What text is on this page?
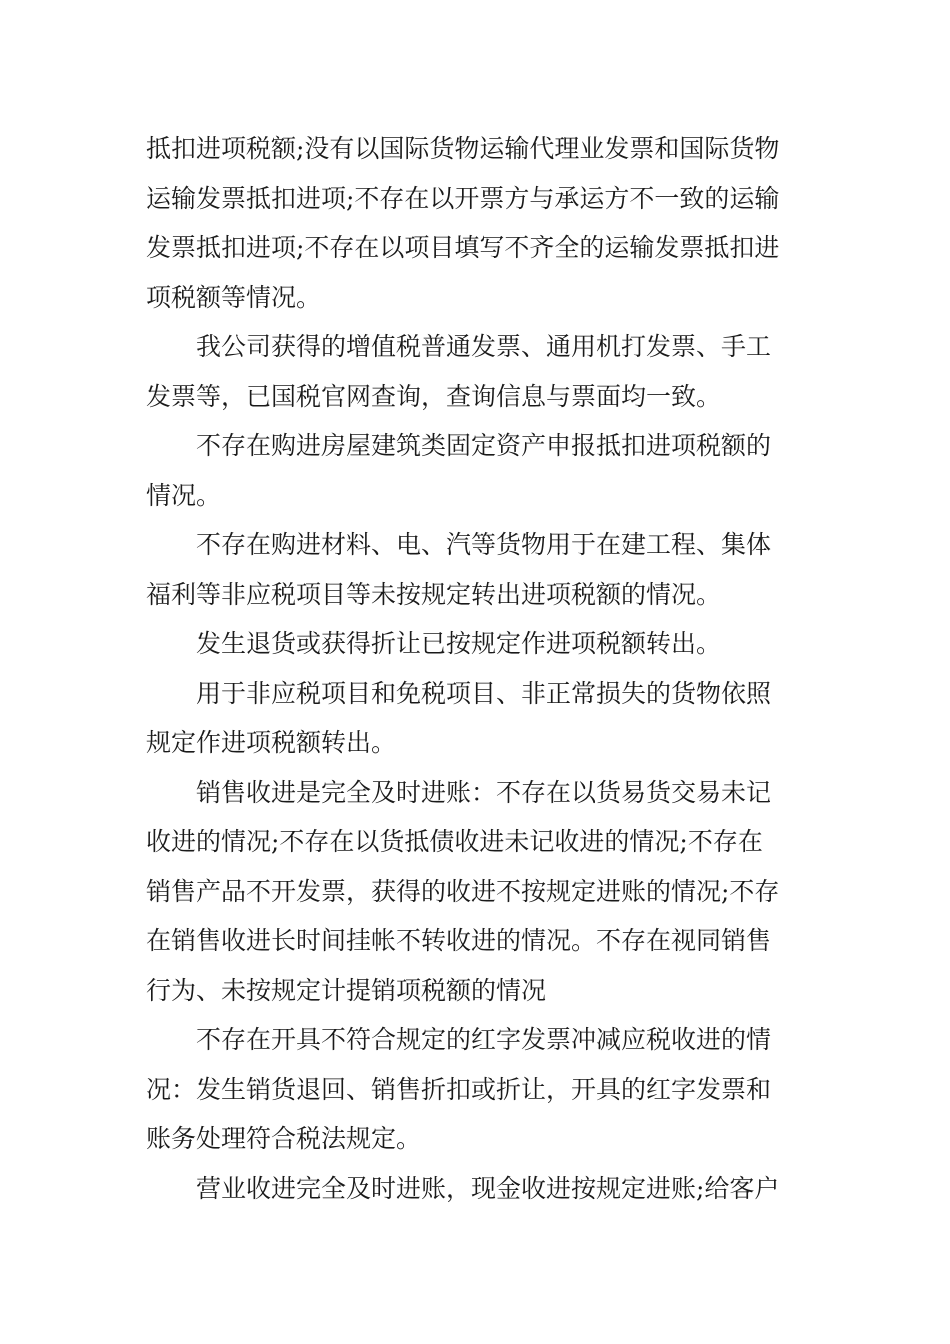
抵扣进项税额;没有以国际货物运输代理业发票和国际货物
运输发票抵扣进项;不存在以开票方与承运方不一致的运输
发票抵扣进项;不存在以项目填写不齐全的运输发票抵扣进
项税额等情况。

我公司获得的增值税普通发票、通用机打发票、手工
发票等，已国税官网查询，查询信息与票面均一致。

不存在购进房屋建筑类固定资产申报抵扣进项税额的
情况。

不存在购进材料、电、汽等货物用于在建工程、集体
福利等非应税项目等未按规定转出进项税额的情况。

发生退货或获得折让已按规定作进项税额转出。

用于非应税项目和免税项目、非正常损失的货物依照
规定作进项税额转出。

销售收进是完全及时进账：不存在以货易货交易未记
收进的情况;不存在以货抵债收进未记收进的情况;不存在
销售产品不开发票，获得的收进不按规定进账的情况;不存
在销售收进长时间挂帐不转收进的情况。不存在视同销售
行为、未按规定计提销项税额的情况

不存在开具不符合规定的红字发票冲减应税收进的情
况：发生销货退回、销售折扣或折让，开具的红字发票和
账务处理符合税法规定。

营业收进完全及时进账，现金收进按规定进账;给客户
